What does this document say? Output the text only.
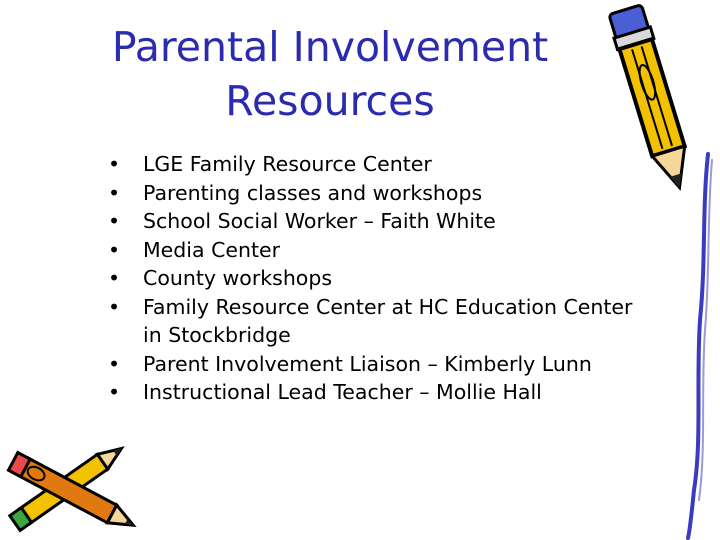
Parental Involvement
Resources
•	LGE Family Resource Center
•	Parenting classes and workshops
•	School Social Worker – Faith White
•	Media Center
•	County workshops
•	Family Resource Center at HC Education Center in Stockbridge
•	Parent Involvement Liaison – Kimberly Lunn
•	Instructional Lead Teacher – Mollie Hall
